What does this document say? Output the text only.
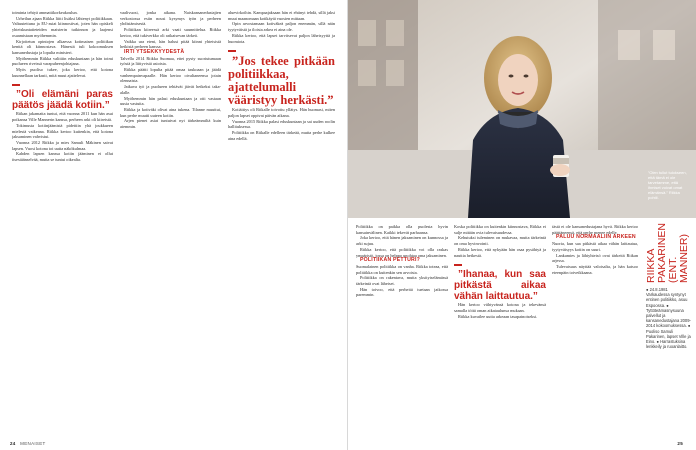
toiminta tehtyä ammattikorkeakoulun.

Urheilun ajaan Riikka liitti lisäksi lähtenyt politiikkaan. Valtuutettuna ja EU-asiat kiinnostivat, joten hän opiskeli yhteiskuntatieteiden maisterin tutkinnon ja laajensi osaamistaan myöhemmin.

Kirjoitetun opintojen alkaessa kotimaisen politiikan kenttä oli kiinnostava. Hänestä tuli kokoomuksen kansanedustaja ja lopulta ministeri.

Myöhemmin Riikka valittiin eduskuntaan ja hän toimi puolueen riveissä varapuheenjohtajana.

Myös puoliso tukee, joka kertoo, että kotona kuunnellaan tarkasti, mitä muut ajattelevat.

”Oli elämäni paras päätös jäädä kotiin.”

Riikan jakamatta tuntui, että vuonna 2011 kun hän asui poikansa Ville Mannerin kanssa, perheen arki oli kiireistä.

Tokimusta kotiinjäämistä pidettiin yhä joukkueen mielestä vaikeana. Riikka kertoo kuitenkin, että kotona jaksaminen vahvistui.

Vuonna 2012 Riikka ja mies Samuli Mäkinen saivat lapsen. Vuosi kotona toi uutta näkökulmaa.

Kahden lapsen kanssa kotiin jääminen ei ollut itsestäänselvää, mutta se tuntui oikealta.

vaalivuosi, jonka aikana. Naiskansanedustajien verkostossa esiin nousi kysymys työn ja perheen yhdistämisestä.

Politiikan kiireessä arki vaati suunnittelua. Riikka kertoo, että tukiverkko oli ratkaisevan tärkeä.

Vaikka ura eteni, hän halusi pitää kiinni yhteisistä hetkistä perheen kanssa.

IRTI YTSEKKYYDESTÄ

Talvella 2014 Riikka Suomaa, ettei pysty suoriutumaan työstä ja liittyvistä asioista.

Riikka päätti lopulta pitää omaa taukoaan ja jäädä vanhempainvapaalle. Hän kertoo oivaltaneensa jotain olennaista.

Jatkava työ ja puolueen tehtävät jäivät hetkeksi taka-alalle.

Myöhemmin hän palasi eduskuntaan ja otti vastaan uusia vastuita.

Riikka ja kotiväki olivat aina tukena. Tilanne muuttui, kun perhe muutti uuteen kotiin.

Arjen pienet asiat tuntuivat nyt tärkeämmiltä kuin aiemmin.

aluevirkoihin. Kampaajaksaan hän ei ehtinyt tehdä, sillä jaksi muut maanomaan kotikäytä vuosien mittaan.

Opin arvostamaan kotiväkeä paljon enemmän, sillä näin tyytyväistä ja iloista arkea ei aina ole.

Riikka kertoo, että lapset tarvitsevat paljon läheisyyttä ja huomiota.

”Jos tekee pitkään politiikkaa, ajattelumalli vääristyy herkästi.”

Kotiäitiys oli Riikalle toivottu yllätys. Hän huomasi, miten paljon lapset oppivat päivän aikana.

Vuonna 2015 Riikka palasi eduskuntaan ja sai uuden roolin hallituksessa.

Politiikka on Riikalle edelleen tärkeää, mutta perhe kulkee aina edellä.

24 MENAISET

Politiikka on paikka olla puolesta hyvin kansainvälinen. Kaikki tekevät parhaansa.

Joka kertoo, että hänen jaksaminen on kunnossa ja arki sujuu.

Riikka kertoo, että politiikka voi olla raskas ympäristö, jossa on helppo unohtaa oma jaksaminen.

POLITIIKAN PETTURI?

Suomalainen politiikka on vanha. Riikka toteaa, että politiikka on kuitenkin sen arvoista.

Politiikka on rakentava, mutta yksityiselämässä tärkeintä ovat läheiset.

Hän toivoo, että perheitä tuetaan jatkossa paremmin.

Koska politiikka on kuitenkin kiinnostava, Riikka ei sulje mitään ovia tulevaisuudessa.

Kehutuksi tuleminen on mukavaa, mutta tärkeintä on oma hyvinvointi.

Riikka kertoo, että nykyään hän osaa pysähtyä ja nauttia hetkestä.

”Ihanaa, kun saa pitkästä aikaa vähän laittautua.”

Hän kertoo viihtyvänsä kotona ja tekevänsä samalla töitä oman aikataulunsa mukaan.

Riikka kuvailee uutta arkeaan tasapainoiseksi.

tästä ei ole kansanedustajana hyvä. Riikka kertoo päättäneensä, että perhe menee edelle.

PALUU NORMAALIIN ARKEEN

Nuoria, kun saa pitkästä aikaa vähän laittautua, tyytyväisyys kotiin on suuri.

Lankamies ja lähiyhteisö ovat tärkeitä Riikan arjessa.

Tulevaisuus näyttää valoisalta, ja hän katsoo eteenpäin toiveikkaana.

25
”Olen tullut tulokseen, että tämä ei ole tarvetamme, että ihmiset voivat omat elämänsä.” Riikka pohtii.
RIIKKA PAKARINEN (ENT. MANNER)
● 24.8.1981 Varkaudessa syntynyt entinen politiikko, asuu Espoossa. ● Tyttöteämasnysuuna palvellut ja kansanedustajana 2009-2014 kokoomuksessa. ● Puoliso Samuli Pakarinen, lapset Ville ja Eino. ● Harrastuksina lenkkeily ja ruoanlaitto.
